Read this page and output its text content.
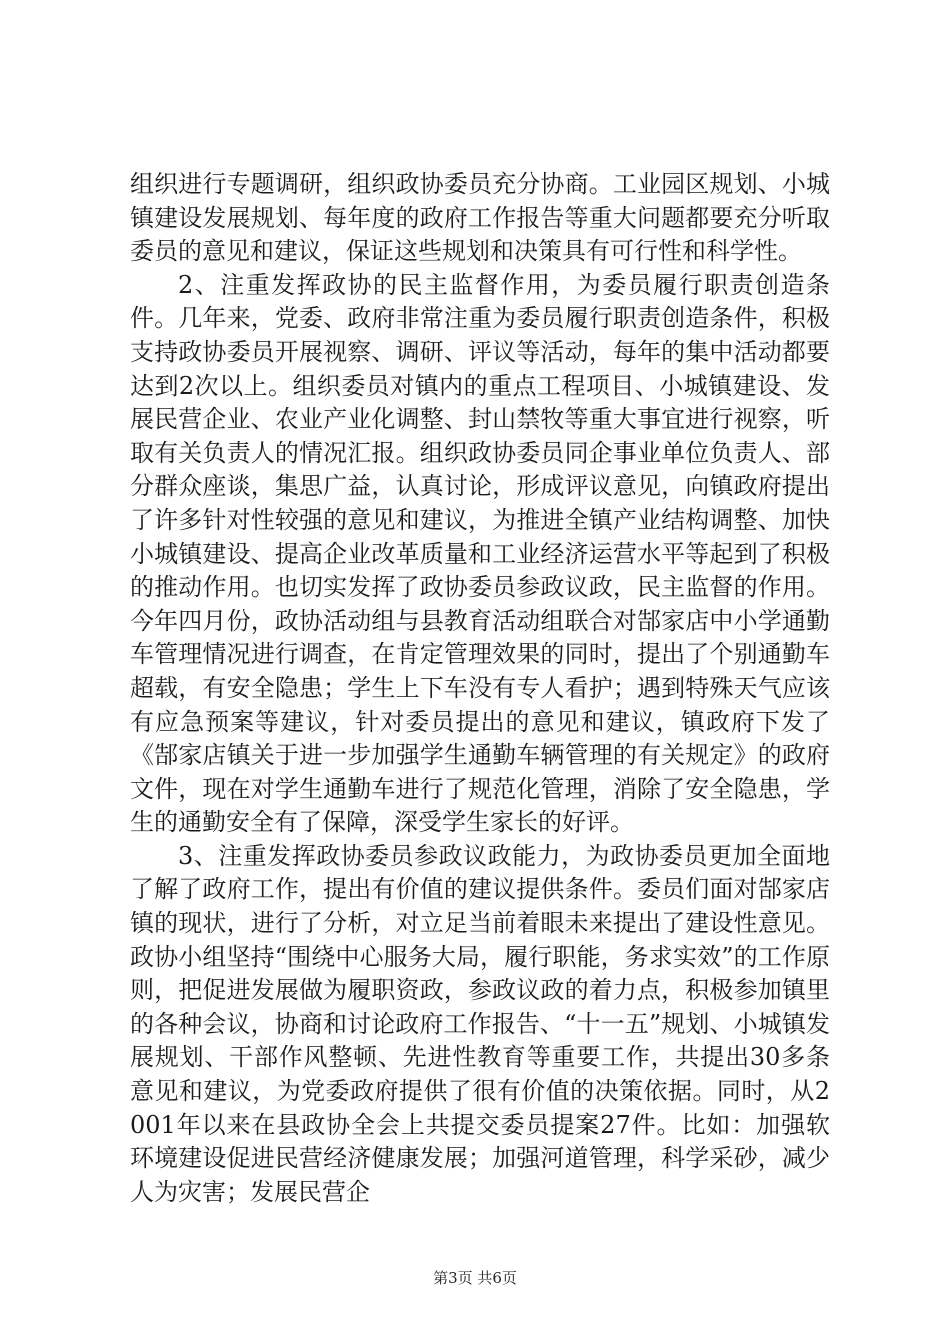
组织进行专题调研，组织政协委员充分协商。工业园区规划、小城镇建设发展规划、每年度的政府工作报告等重大问题都要充分听取委员的意见和建议，保证这些规划和决策具有可行性和科学性。

2、注重发挥政协的民主监督作用，为委员履行职责创造条件。几年来，党委、政府非常注重为委员履行职责创造条件，积极支持政协委员开展视察、调研、评议等活动，每年的集中活动都要达到2次以上。组织委员对镇内的重点工程项目、小城镇建设、发展民营企业、农业产业化调整、封山禁牧等重大事宜进行视察，听取有关负责人的情况汇报。组织政协委员同企事业单位负责人、部分群众座谈，集思广益，认真讨论，形成评议意见，向镇政府提出了许多针对性较强的意见和建议，为推进全镇产业结构调整、加快小城镇建设、提高企业改革质量和工业经济运营水平等起到了积极的推动作用。也切实发挥了政协委员参政议政，民主监督的作用。今年四月份，政协活动组与县教育活动组联合对郜家店中小学通勤车管理情况进行调查，在肯定管理效果的同时，提出了个别通勤车超载，有安全隐患；学生上下车没有专人看护；遇到特殊天气应该有应急预案等建议，针对委员提出的意见和建议，镇政府下发了《郜家店镇关于进一步加强学生通勤车辆管理的有关规定》的政府文件，现在对学生通勤车进行了规范化管理，消除了安全隐患，学生的通勤安全有了保障，深受学生家长的好评。

3、注重发挥政协委员参政议政能力，为政协委员更加全面地了解了政府工作，提出有价值的建议提供条件。委员们面对郜家店镇的现状，进行了分析，对立足当前着眼未来提出了建设性意见。政协小组坚持“围绕中心服务大局，履行职能，务求实效”的工作原则，把促进发展做为履职资政，参政议政的着力点，积极参加镇里的各种会议，协商和讨论政府工作报告、“十一五”规划、小城镇发展规划、干部作风整顿、先进性教育等重要工作，共提出30多条意见和建议，为党委政府提供了很有价值的决策依据。同时，从2001年以来在县政协全会上共提交委员提案27件。比如：加强软环境建设促进民营经济健康发展；加强河道管理，科学采砂，减少人为灾害；发展民营企

第3页 共6页
